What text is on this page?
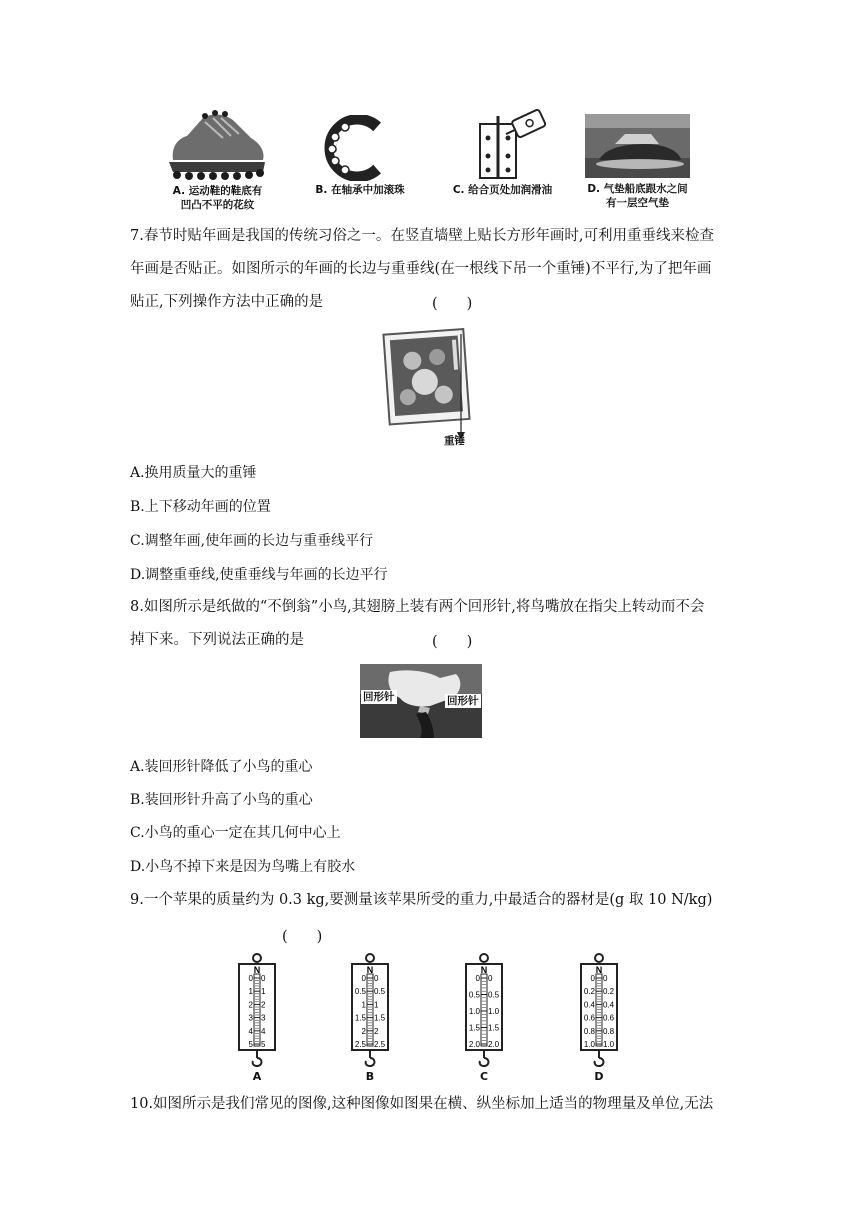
A. 运动鞋的鞋底有
凹凸不平的花纹
B. 在轴承中加滚珠	C. 给合页处加润滑油	D. 气垫船底跟水之间
有一层空气垫
7.春节时贴年画是我国的传统习俗之一。在竖直墙壁上贴长方形年画时,可利用重垂线来检查
年画是否贴正。如图所示的年画的长边与重垂线(在一根线下吊一个重锤)不平行,为了把年画
贴正,下列操作方法中正确的是	(　　)
重锤
A.换用质量大的重锤
B.上下移动年画的位置
C.调整年画,使年画的长边与重垂线平行
D.调整重垂线,使重垂线与年画的长边平行
8.如图所示是纸做的“不倒翁”小鸟,其翅膀上装有两个回形针,将鸟嘴放在指尖上转动而不会
掉下来。下列说法正确的是	(　　)
回形针	回形针
A.装回形针降低了小鸟的重心
B.装回形针升高了小鸟的重心
C.小鸟的重心一定在其几何中心上
D.小鸟不掉下来是因为鸟嘴上有胶水
9.一个苹果的质量约为 0.3 kg,要测量该苹果所受的重力,中最适合的器材是(g 取 10 N/kg)
(　　)
N
0 0
1 1
2 2
3 3
4 4
5 5
A
N
0 0
0.5 0.5
1 1
1.5 1.5
2 2
2.5 2.5
B
N
0 0
0.5 0.5
1.0 1.0
1.5 1.5
2.0 2.0
C
N
0 0
0.2 0.2
0.4 0.4
0.6 0.6
0.8 0.8
1.0 1.0
D
10.如图所示是我们常见的图像,这种图像如图果在横、纵坐标加上适当的物理量及单位,无法
